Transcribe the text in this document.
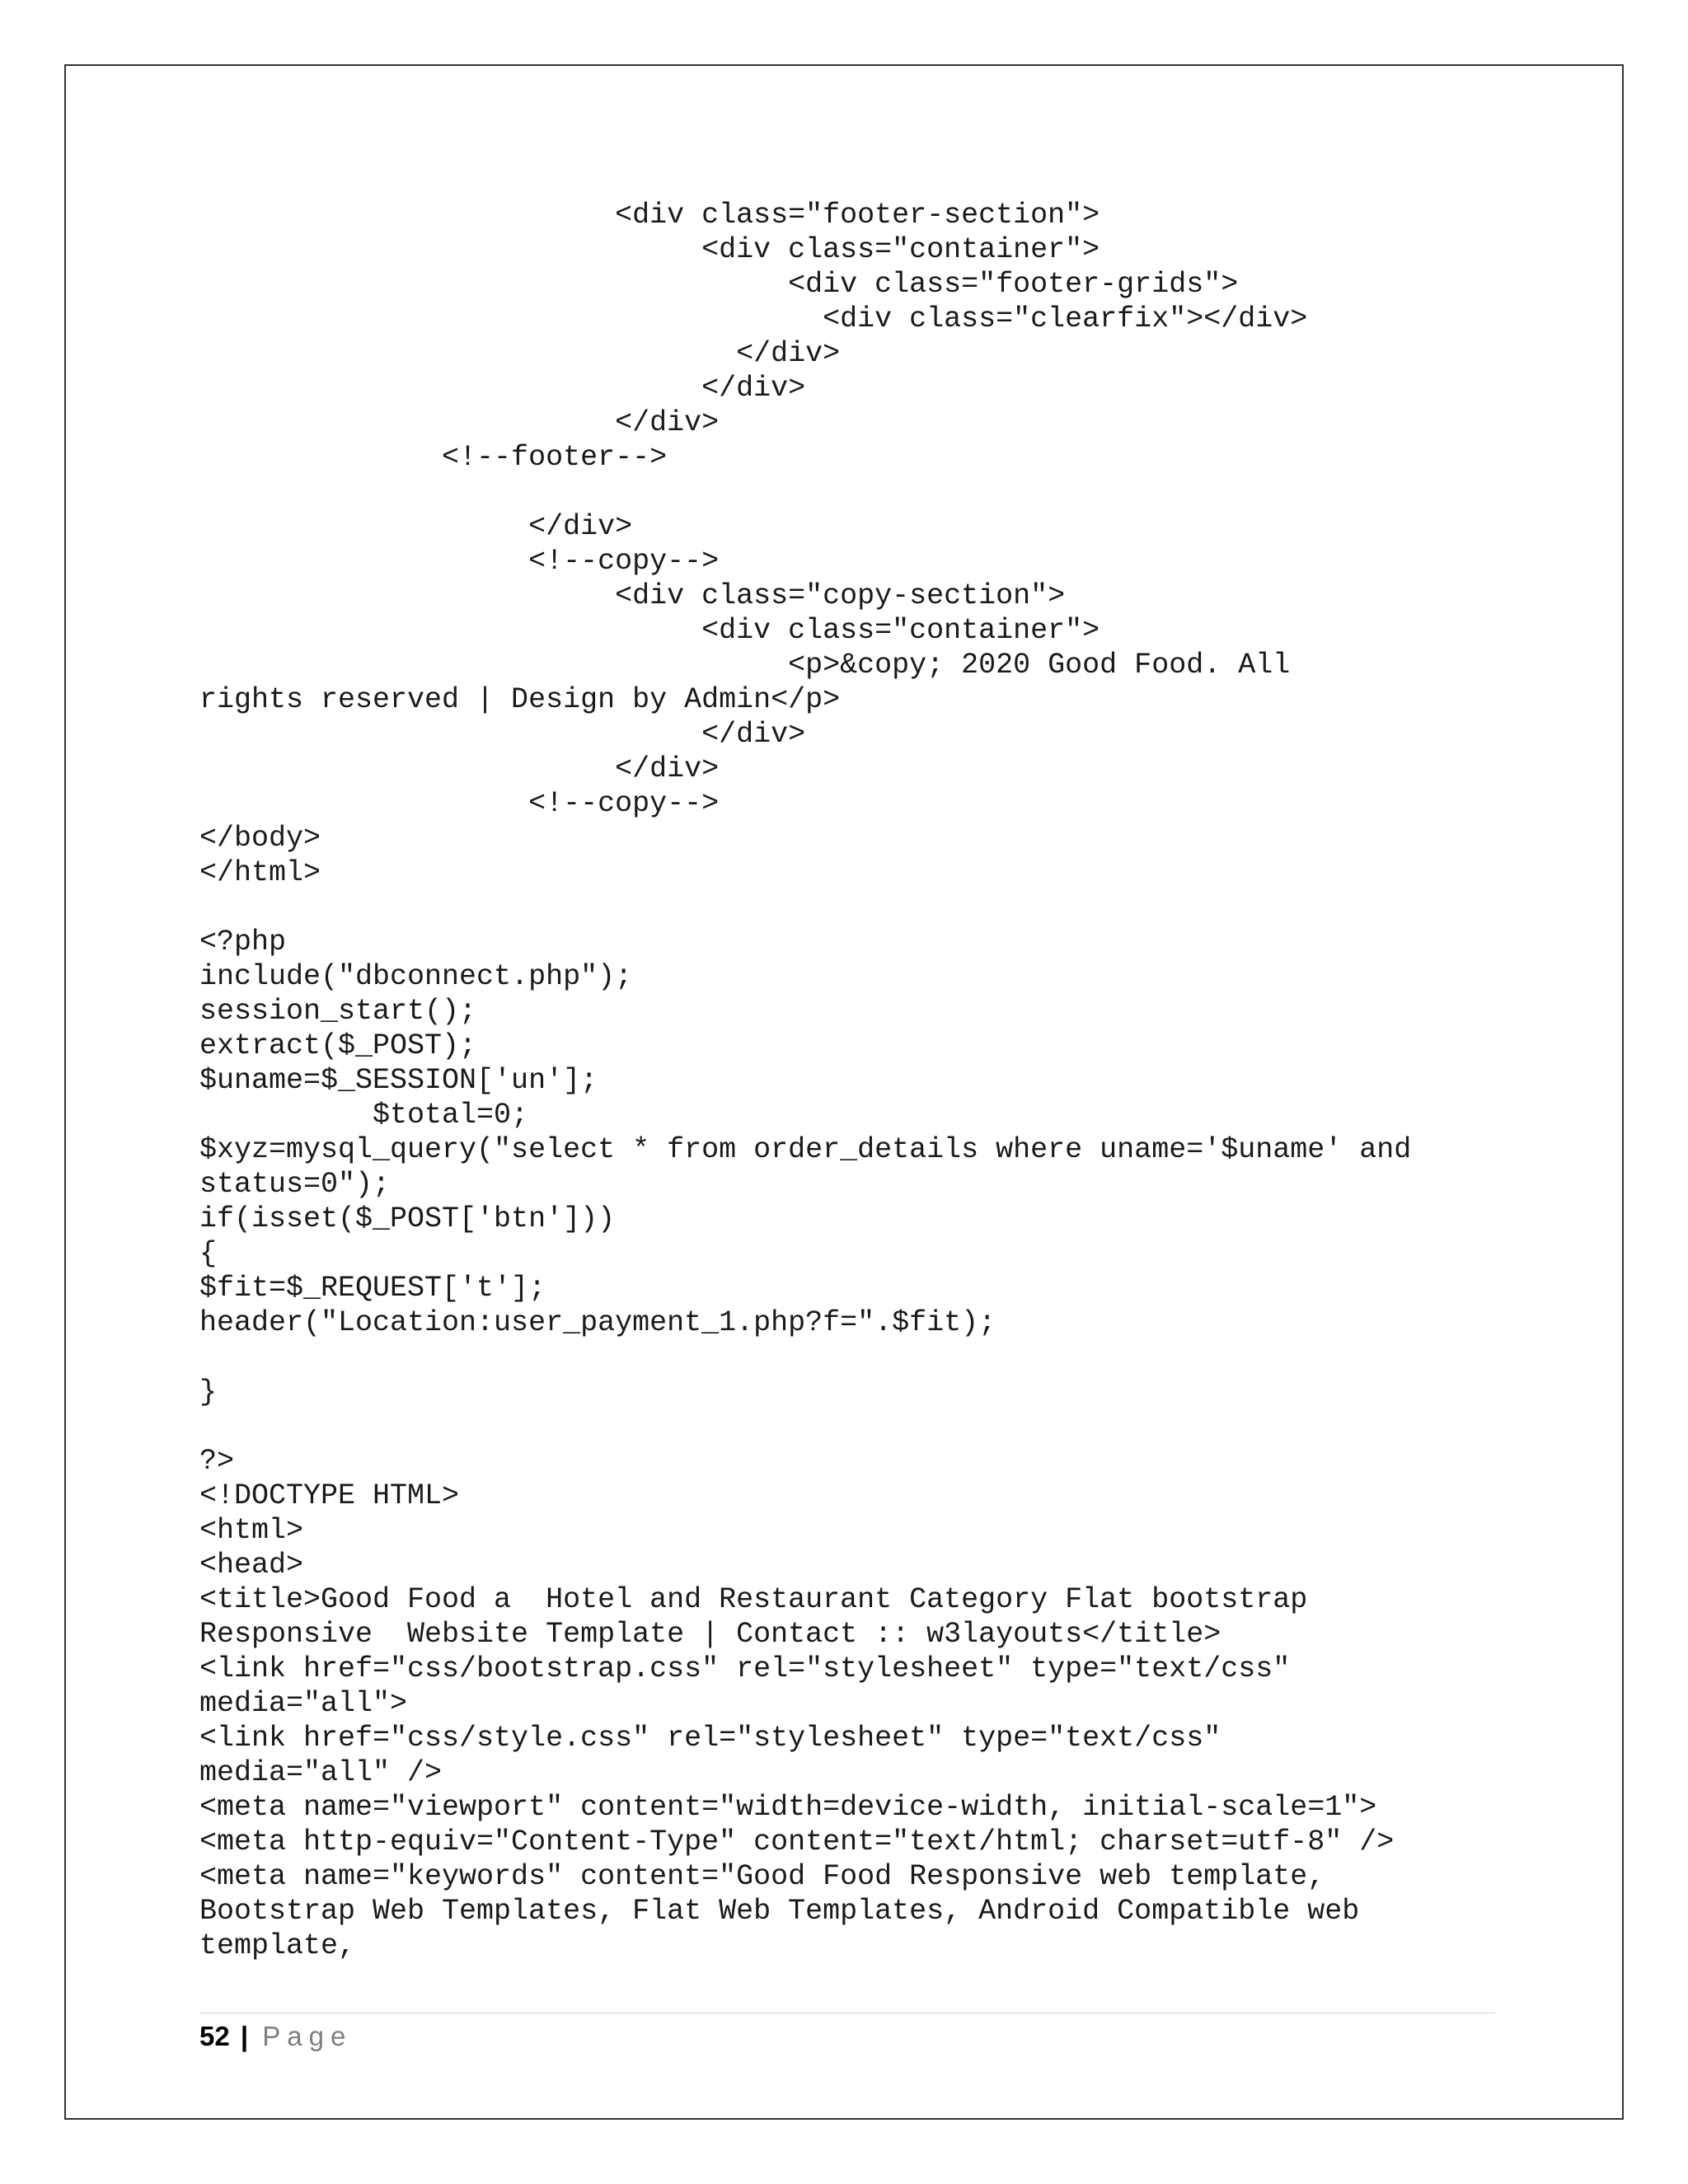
<div class="footer-section">
<div class="container">
<div class="footer-grids">
<div class="clearfix"></div>
</div>
</div>
</div>
<!--footer-->
</div>
<!--copy-->
<div class="copy-section">
<div class="container">
<p>&copy; 2020 Good Food. All
rights reserved | Design by Admin</p>
</div>
</div>
<!--copy-->
</body>
</html>
<?php
include("dbconnect.php");
session_start();
extract($_POST);
$uname=$_SESSION['un'];
$total=0;
$xyz=mysql_query("select * from order_details where uname='$uname' and
status=0");
if(isset($_POST['btn']))
{
$fit=$_REQUEST['t'];
header("Location:user_payment_1.php?f=".$fit);
}
?>
<!DOCTYPE HTML>
<html>
<head>
<title>Good Food a  Hotel and Restaurant Category Flat bootstrap
Responsive  Website Template | Contact :: w3layouts</title>
<link href="css/bootstrap.css" rel="stylesheet" type="text/css"
media="all">
<link href="css/style.css" rel="stylesheet" type="text/css"
media="all" />
<meta name="viewport" content="width=device-width, initial-scale=1">
<meta http-equiv="Content-Type" content="text/html; charset=utf-8" />
<meta name="keywords" content="Good Food Responsive web template,
Bootstrap Web Templates, Flat Web Templates, Android Compatible web
template,
52 | Page
